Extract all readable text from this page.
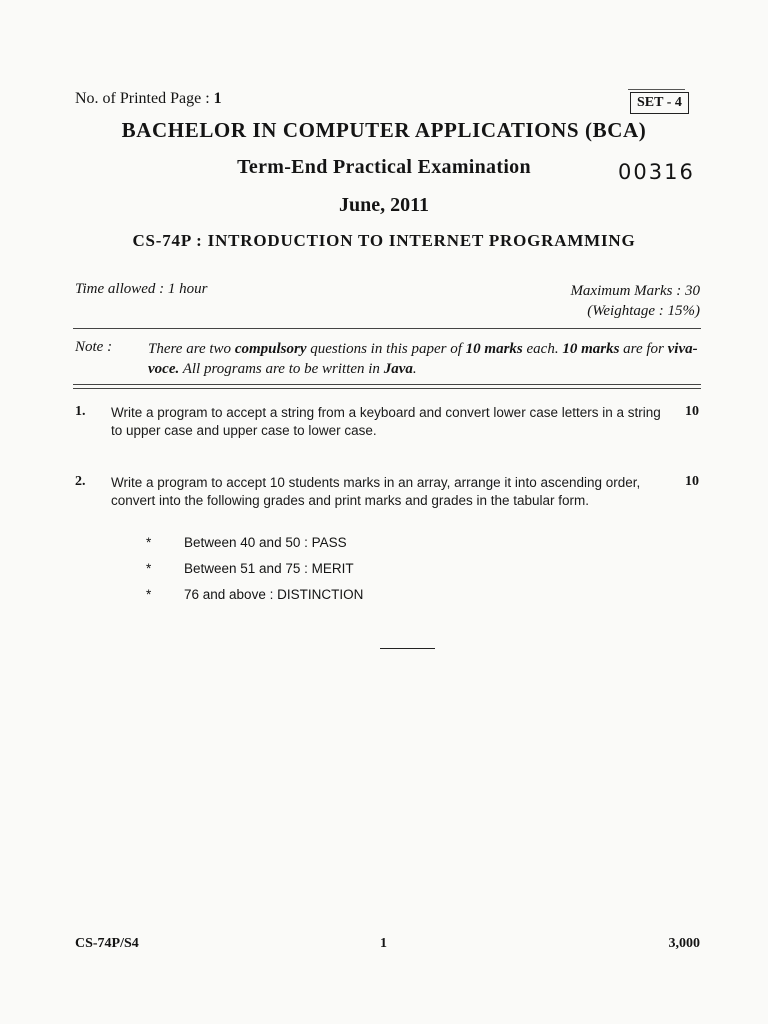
No. of Printed Page : 1	SET - 4
BACHELOR IN COMPUTER APPLICATIONS (BCA)
Term-End Practical Examination	00316
June, 2011
CS-74P : INTRODUCTION TO INTERNET PROGRAMMING
Time allowed : 1 hour	Maximum Marks : 30
(Weightage : 15%)
Note : There are two compulsory questions in this paper of 10 marks each. 10 marks are for viva-voce. All programs are to be written in Java.
1. Write a program to accept a string from a keyboard and convert lower case letters in a string to upper case and upper case to lower case.
10
2. Write a program to accept 10 students marks in an array, arrange it into ascending order, convert into the following grades and print marks and grades in the tabular form.
10
* Between 40 and 50 : PASS
* Between 51 and 75 : MERIT
* 76 and above : DISTINCTION
CS-74P/S4	1	3,000
